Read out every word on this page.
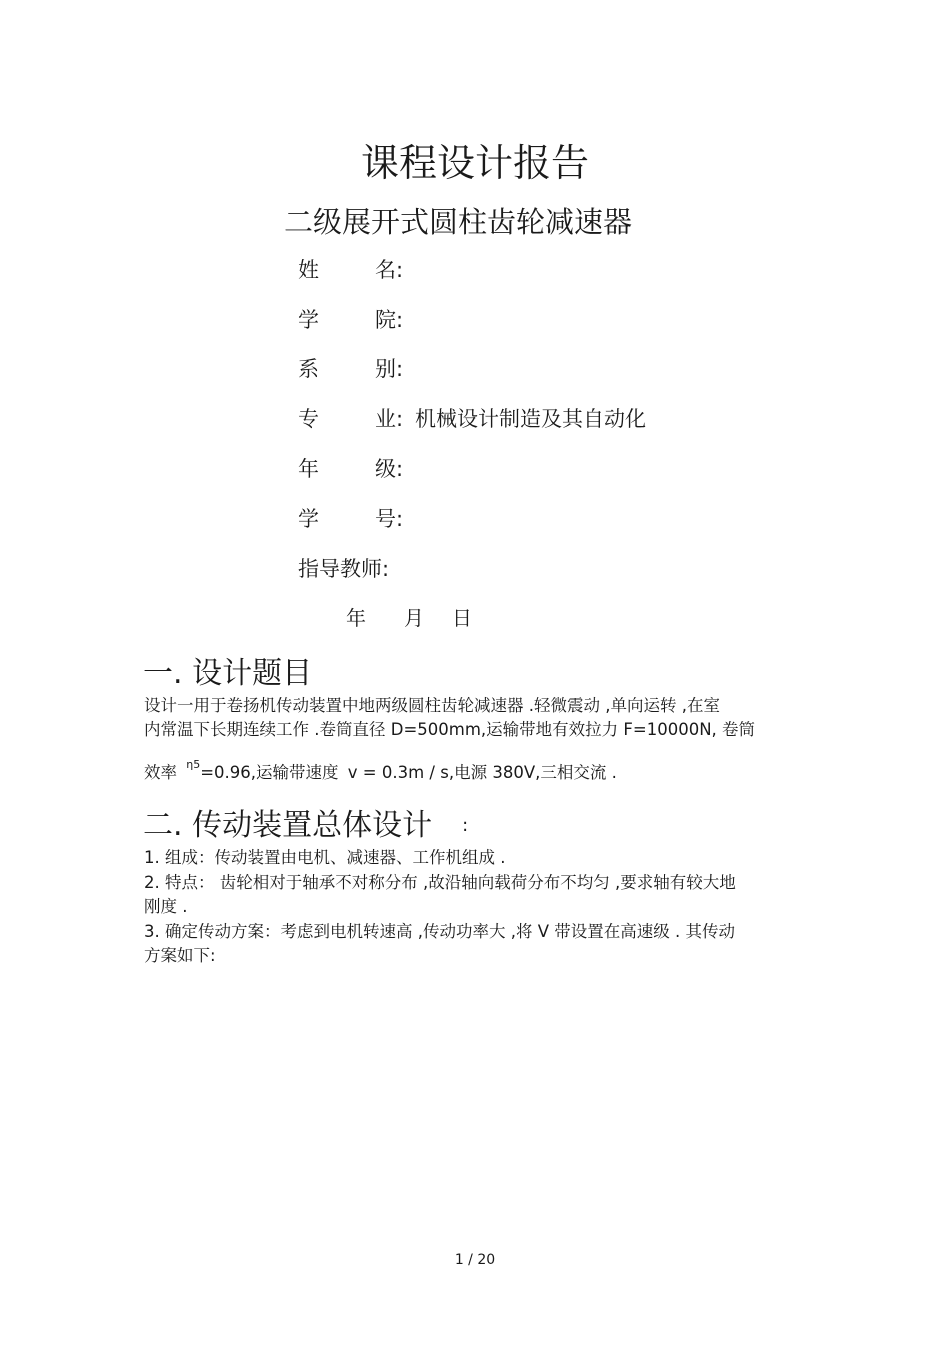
课程设计报告
二级展开式圆柱齿轮减速器
姓	名:
学	院:
系	别:
专	业: 机械设计制造及其自动化
年	级:
学	号:
指导教师:
年 月 日
一. 设计题目
设计一用于卷扬机传动装置中地两级圆柱齿轮减速器 .轻微震动 ,单向运转 ,在室
内常温下长期连续工作 .卷筒直径 D=500mm,运输带地有效拉力 F=10000N, 卷筒
效率 $^{\eta 5}$=0.96,运输带速度 v = 0.3m / s,电源 380V,三相交流 .
二. 传动装置总体设计 :
1. 组成：传动装置由电机、减速器、工作机组成 .
2. 特点： 齿轮相对于轴承不对称分布 ,故沿轴向载荷分布不均匀 ,要求轴有较大地
刚度 .
3. 确定传动方案：考虑到电机转速高 ,传动功率大 ,将 V 带设置在高速级 . 其传动
方案如下:
1 / 20
